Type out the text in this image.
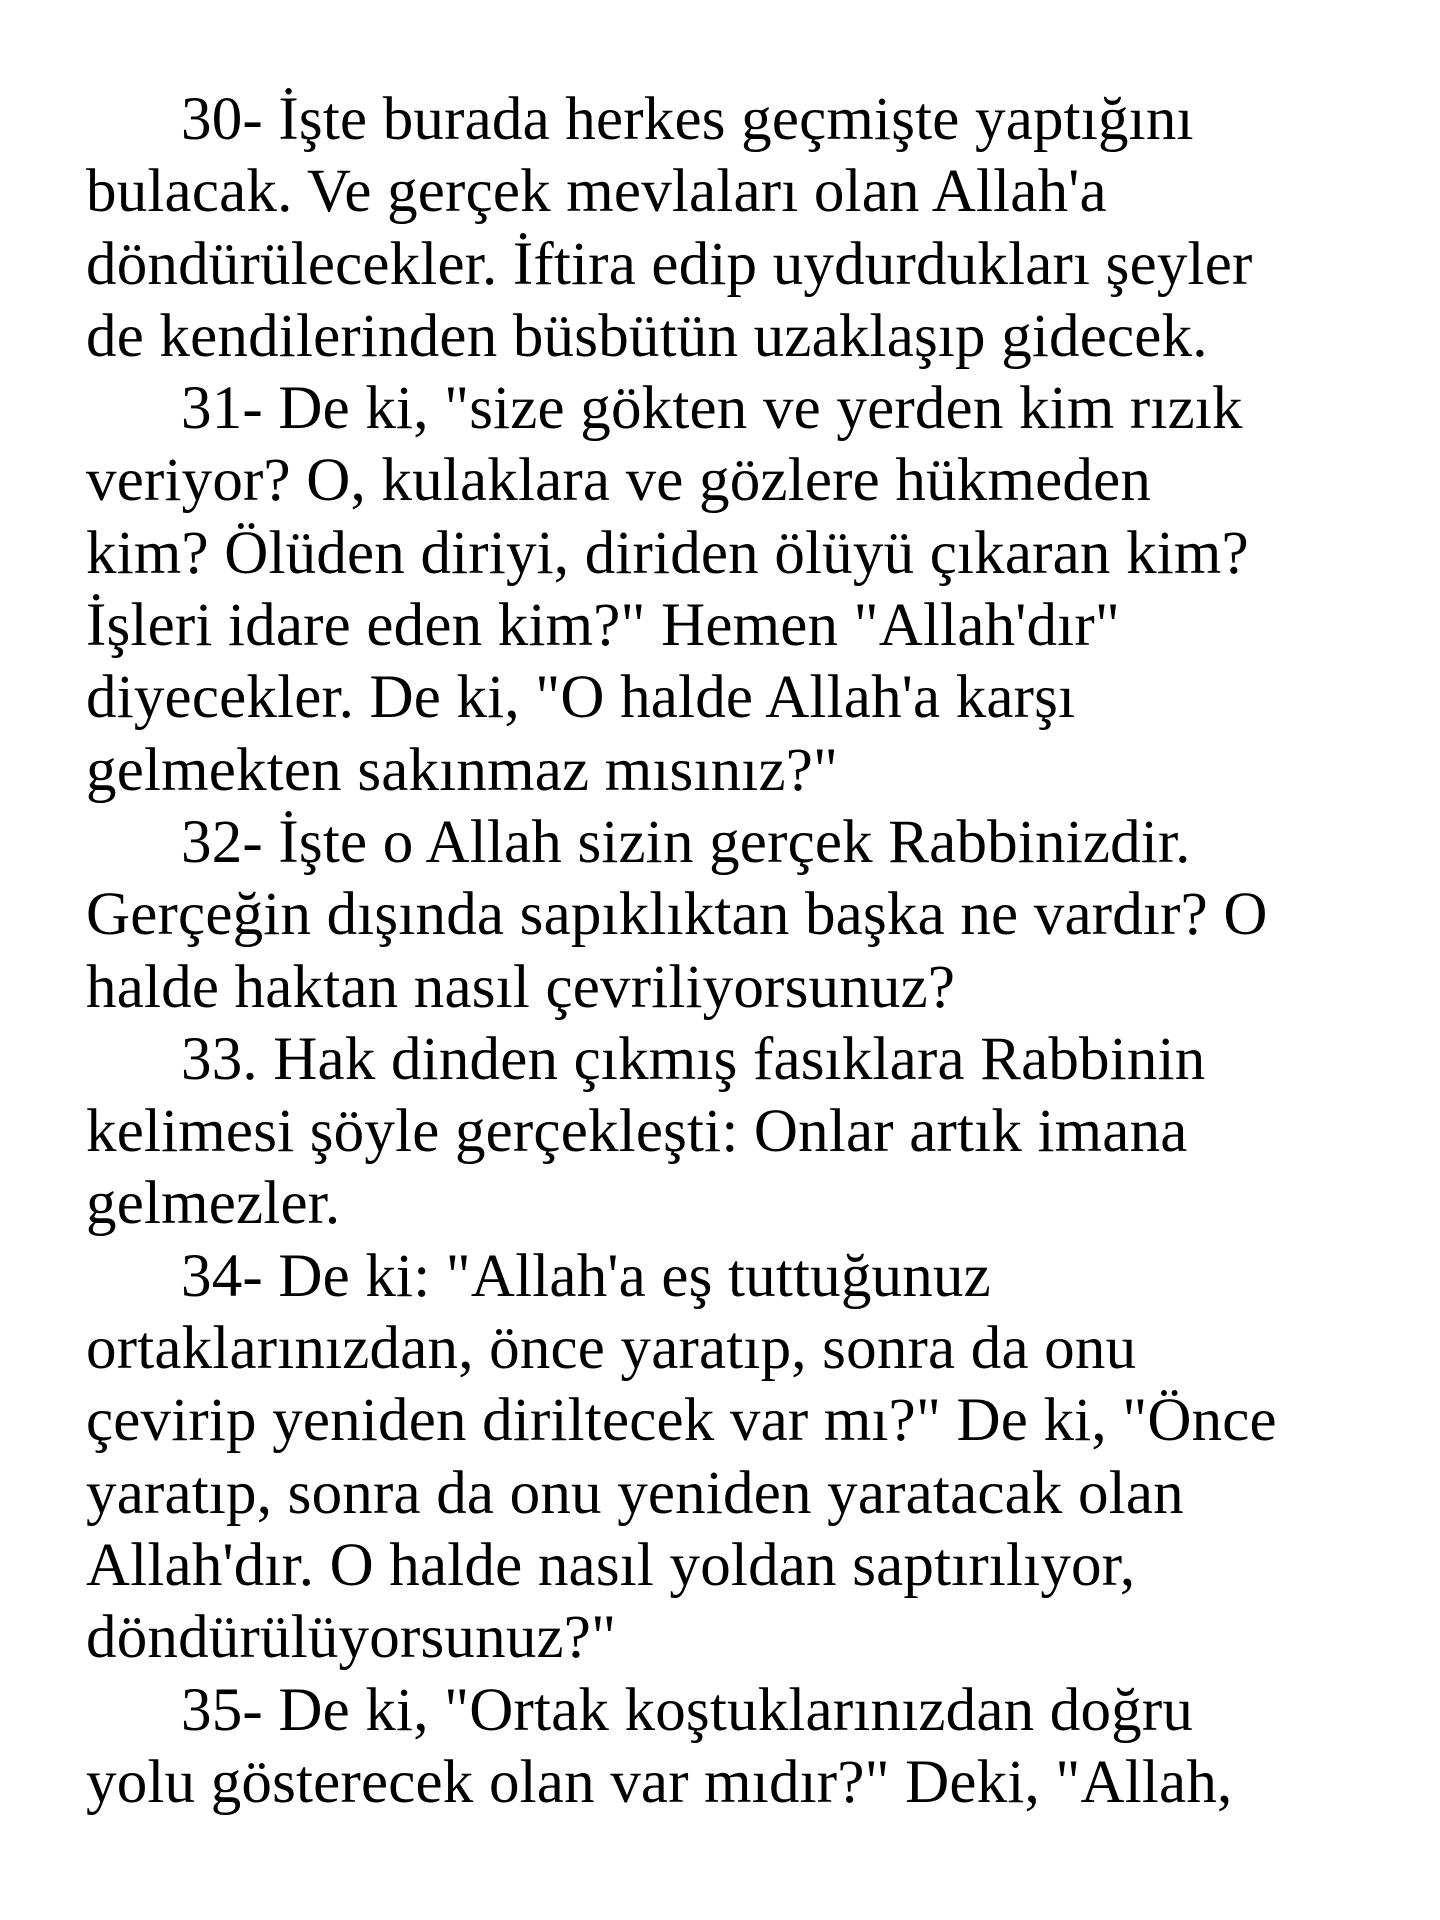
30- İşte burada herkes geçmişte yaptığını
bulacak. Ve gerçek mevlaları olan Allah'a
döndürülecekler. İftira edip uydurdukları şeyler
de kendilerinden büsbütün uzaklaşıp gidecek.
31- De ki, "size gökten ve yerden kim rızık
veriyor? O, kulaklara ve gözlere hükmeden
kim? Ölüden diriyi, diriden ölüyü çıkaran kim?
İşleri idare eden kim?" Hemen "Allah'dır"
diyecekler. De ki, "O halde Allah'a karşı
gelmekten sakınmaz mısınız?"
32- İşte o Allah sizin gerçek Rabbinizdir.
Gerçeğin dışında sapıklıktan başka ne vardır? O
halde haktan nasıl çevriliyorsunuz?
33. Hak dinden çıkmış fasıklara Rabbinin
kelimesi şöyle gerçekleşti: Onlar artık imana
gelmezler.
34- De ki: "Allah'a eş tuttuğunuz
ortaklarınızdan, önce yaratıp, sonra da onu
çevirip yeniden diriltecek var mı?" De ki, "Önce
yaratıp, sonra da onu yeniden yaratacak olan
Allah'dır. O halde nasıl yoldan saptırılıyor,
döndürülüyorsunuz?"
35- De ki, "Ortak koştuklarınızdan doğru
yolu gösterecek olan var mıdır?" Deki, "Allah,
